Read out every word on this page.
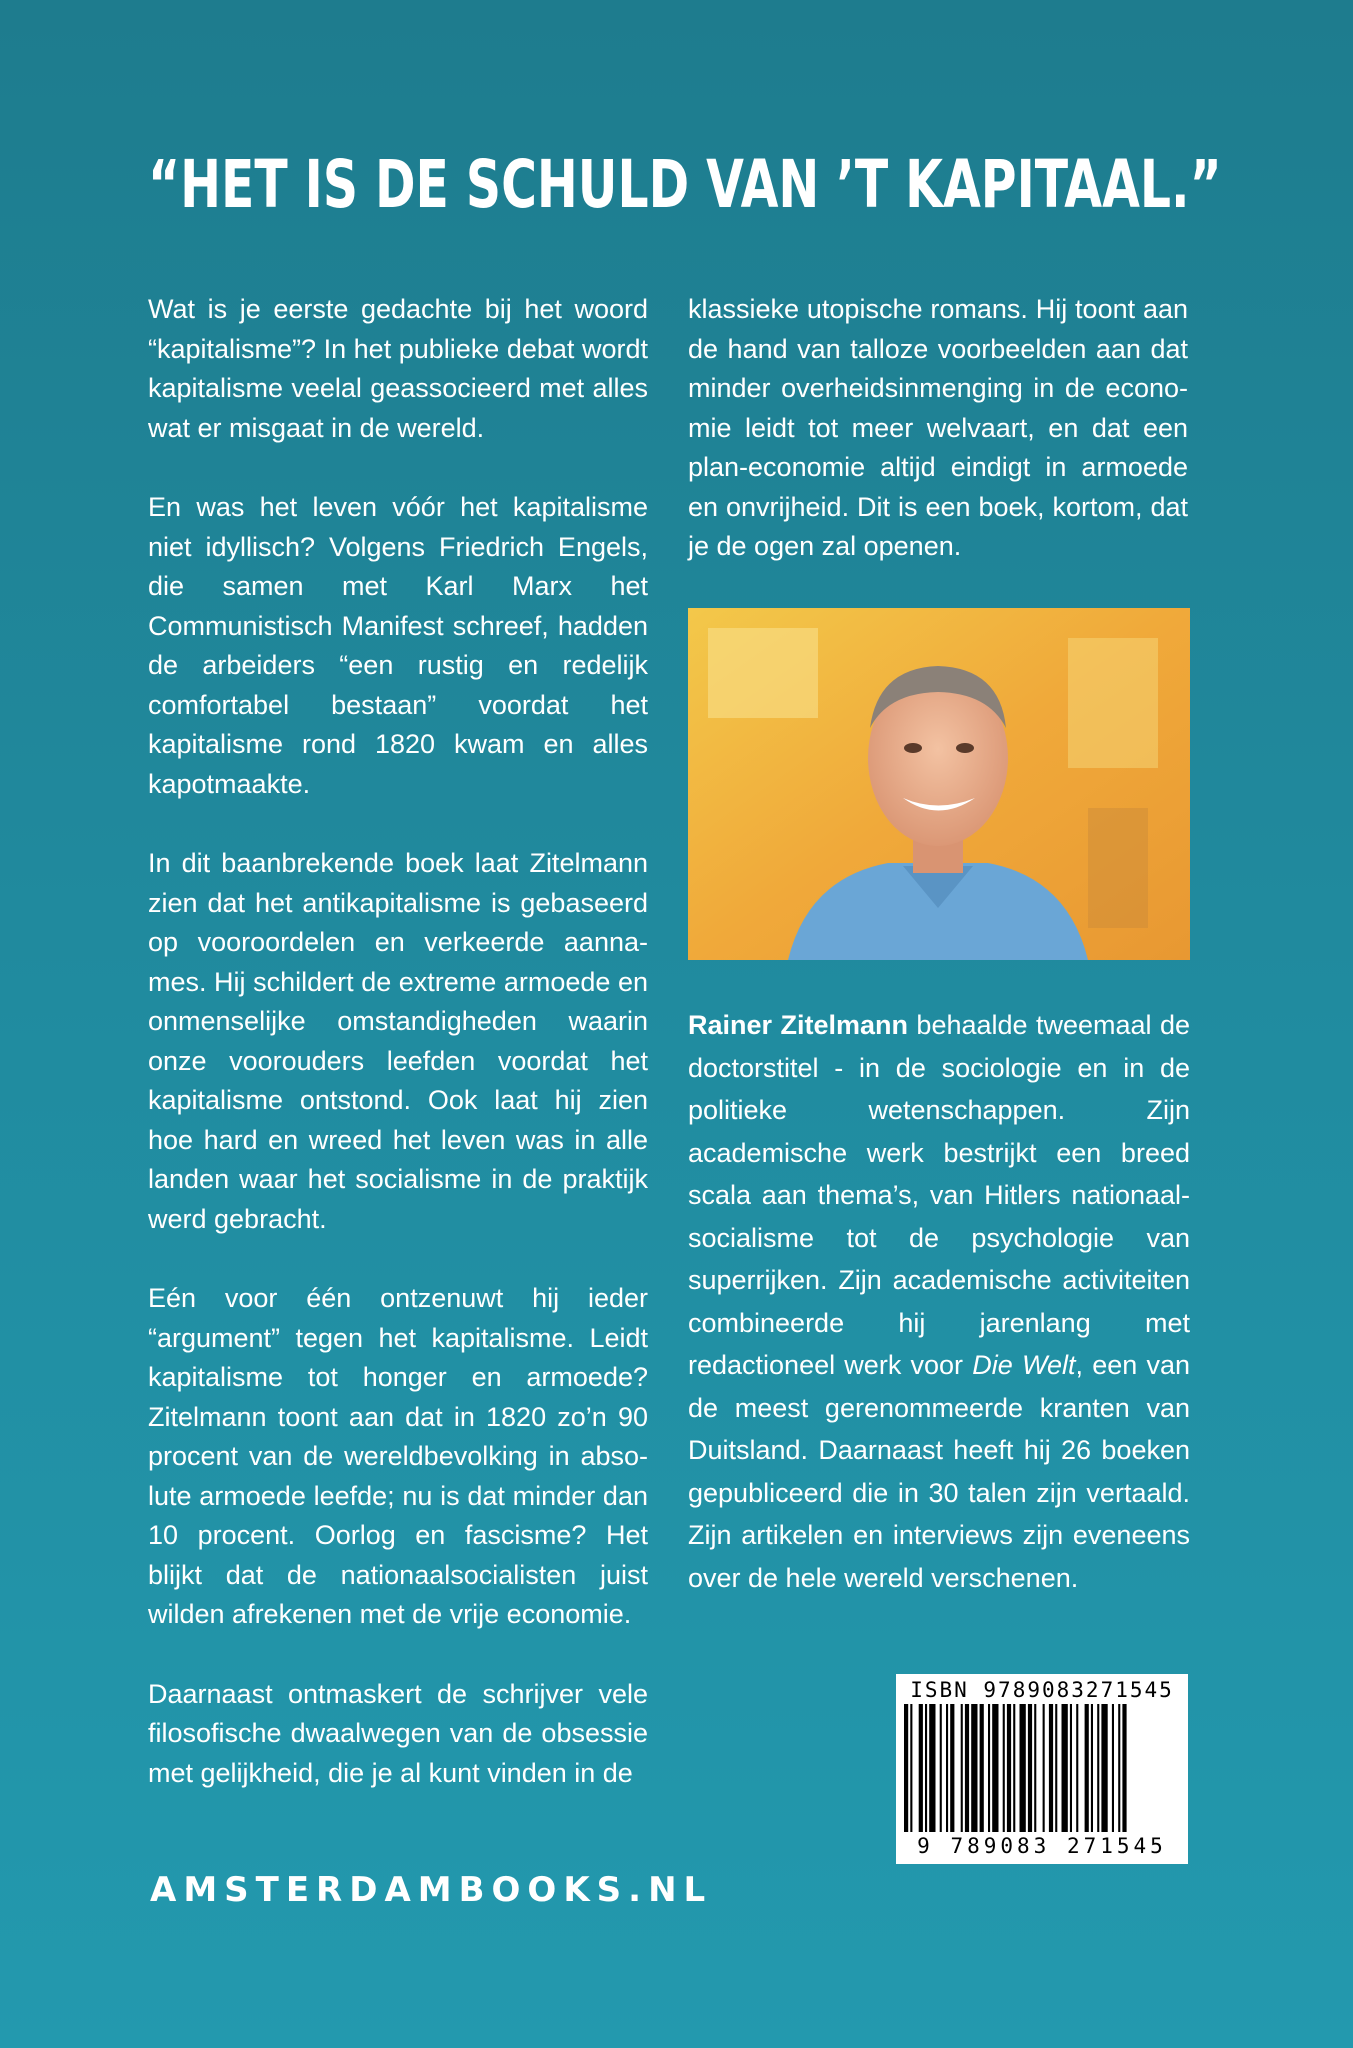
“HET IS DE SCHULD VAN ’T KAPITAAL.”

Wat is je eerste gedachte bij het woord “kapitalisme”? In het publieke debat wordt kapitalisme veelal geassocieerd met alles wat er misgaat in de wereld.

En was het leven vóór het kapitalisme niet idyllisch? Volgens Friedrich Engels, die samen met Karl Marx het Communistisch Manifest schreef, hadden de arbeiders “een rustig en redelijk comfortabel bestaan” voordat het kapitalisme rond 1820 kwam en alles kapotmaakte.

In dit baanbrekende boek laat Zitelmann zien dat het antikapitalisme is gebaseerd op vooroordelen en verkeerde aannames. Hij schildert de extreme armoede en onmenselijke omstandigheden waarin onze voorouders leefden voordat het kapitalisme ontstond. Ook laat hij zien hoe hard en wreed het leven was in alle landen waar het socialisme in de praktijk werd gebracht.

Eén voor één ontzenuwt hij ieder “argument” tegen het kapitalisme. Leidt kapitalisme tot honger en armoede? Zitelmann toont aan dat in 1820 zo’n 90 procent van de wereldbevolking in absolute armoede leefde; nu is dat minder dan 10 procent. Oorlog en fascisme? Het blijkt dat de nationaalsocialisten juist wilden afrekenen met de vrije economie.

Daarnaast ontmaskert de schrijver vele filosofische dwaalwegen van de obsessie met gelijkheid, die je al kunt vinden in de

klassieke utopische romans. Hij toont aan de hand van talloze voorbeelden aan dat minder overheidsinmenging in de economie leidt tot meer welvaart, en dat een plan-economie altijd eindigt in armoede en onvrijheid. Dit is een boek, kortom, dat je de ogen zal openen.

Rainer Zitelmann behaalde tweemaal de doctorstitel - in de sociologie en in de politieke wetenschappen. Zijn academische werk bestrijkt een breed scala aan thema’s, van Hitlers nationaal-socialisme tot de psychologie van superrijken. Zijn academische activiteiten combineerde hij jarenlang met redactioneel werk voor Die Welt, een van de meest gerenommeerde kranten van Duitsland. Daarnaast heeft hij 26 boeken gepubliceerd die in 30 talen zijn vertaald. Zijn artikelen en interviews zijn eveneens over de hele wereld verschenen.

AMSTERDAMBOOKS.NL
ISBN 9789083271545
9 789083 271545
